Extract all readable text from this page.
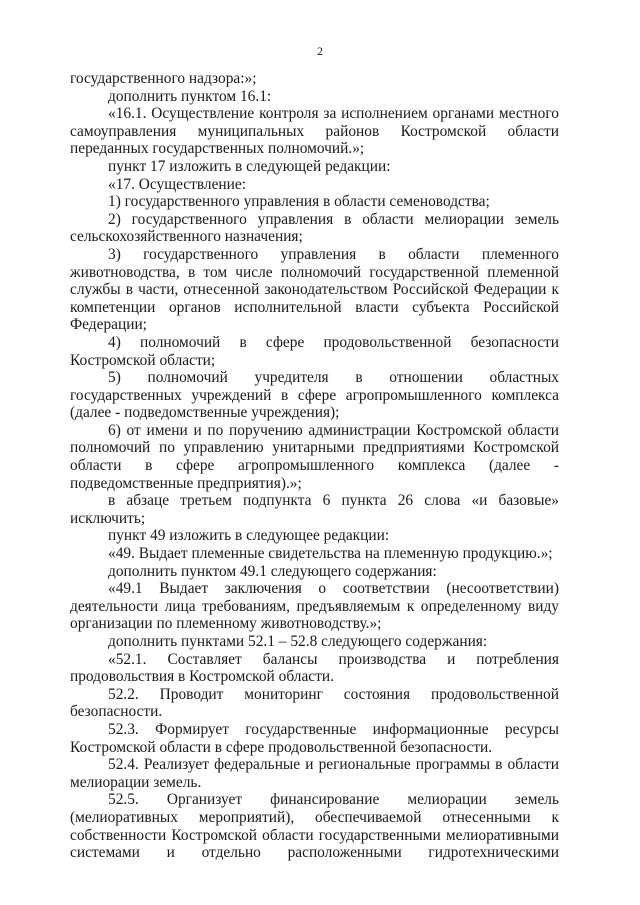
2

государственного надзора:»;

дополнить пунктом 16.1:

«16.1. Осуществление контроля за исполнением органами местного самоуправления муниципальных районов Костромской области переданных государственных полномочий.»;

пункт 17 изложить в следующей редакции:

«17. Осуществление:

1) государственного управления в области семеноводства;

2) государственного управления в области мелиорации земель сельскохозяйственного назначения;

3) государственного управления в области племенного животноводства, в том числе полномочий государственной племенной службы в части, отнесенной законодательством Российской Федерации к компетенции органов исполнительной власти субъекта Российской Федерации;

4) полномочий в сфере продовольственной безопасности Костромской области;

5) полномочий учредителя в отношении областных государственных учреждений в сфере агропромышленного комплекса (далее - подведомственные учреждения);

6) от имени и по поручению администрации Костромской области полномочий по управлению унитарными предприятиями Костромской области в сфере агропромышленного комплекса (далее - подведомственные предприятия).»;

в абзаце третьем подпункта 6 пункта 26 слова «и базовые» исключить;

пункт 49 изложить в следующее редакции:

«49. Выдает племенные свидетельства на племенную продукцию.»;

дополнить пунктом 49.1 следующего содержания:

«49.1 Выдает заключения о соответствии (несоответствии) деятельности лица требованиям, предъявляемым к определенному виду организации по племенному животноводству.»;

дополнить пунктами 52.1 – 52.8 следующего содержания:

«52.1. Составляет балансы производства и потребления продовольствия в Костромской области.

52.2. Проводит мониторинг состояния продовольственной безопасности.

52.3. Формирует государственные информационные ресурсы Костромской области в сфере продовольственной безопасности.

52.4. Реализует федеральные и региональные программы в области мелиорации земель.

52.5. Организует финансирование мелиорации земель (мелиоративных мероприятий), обеспечиваемой отнесенными к собственности Костромской области государственными мелиоративными системами и отдельно расположенными гидротехническими
